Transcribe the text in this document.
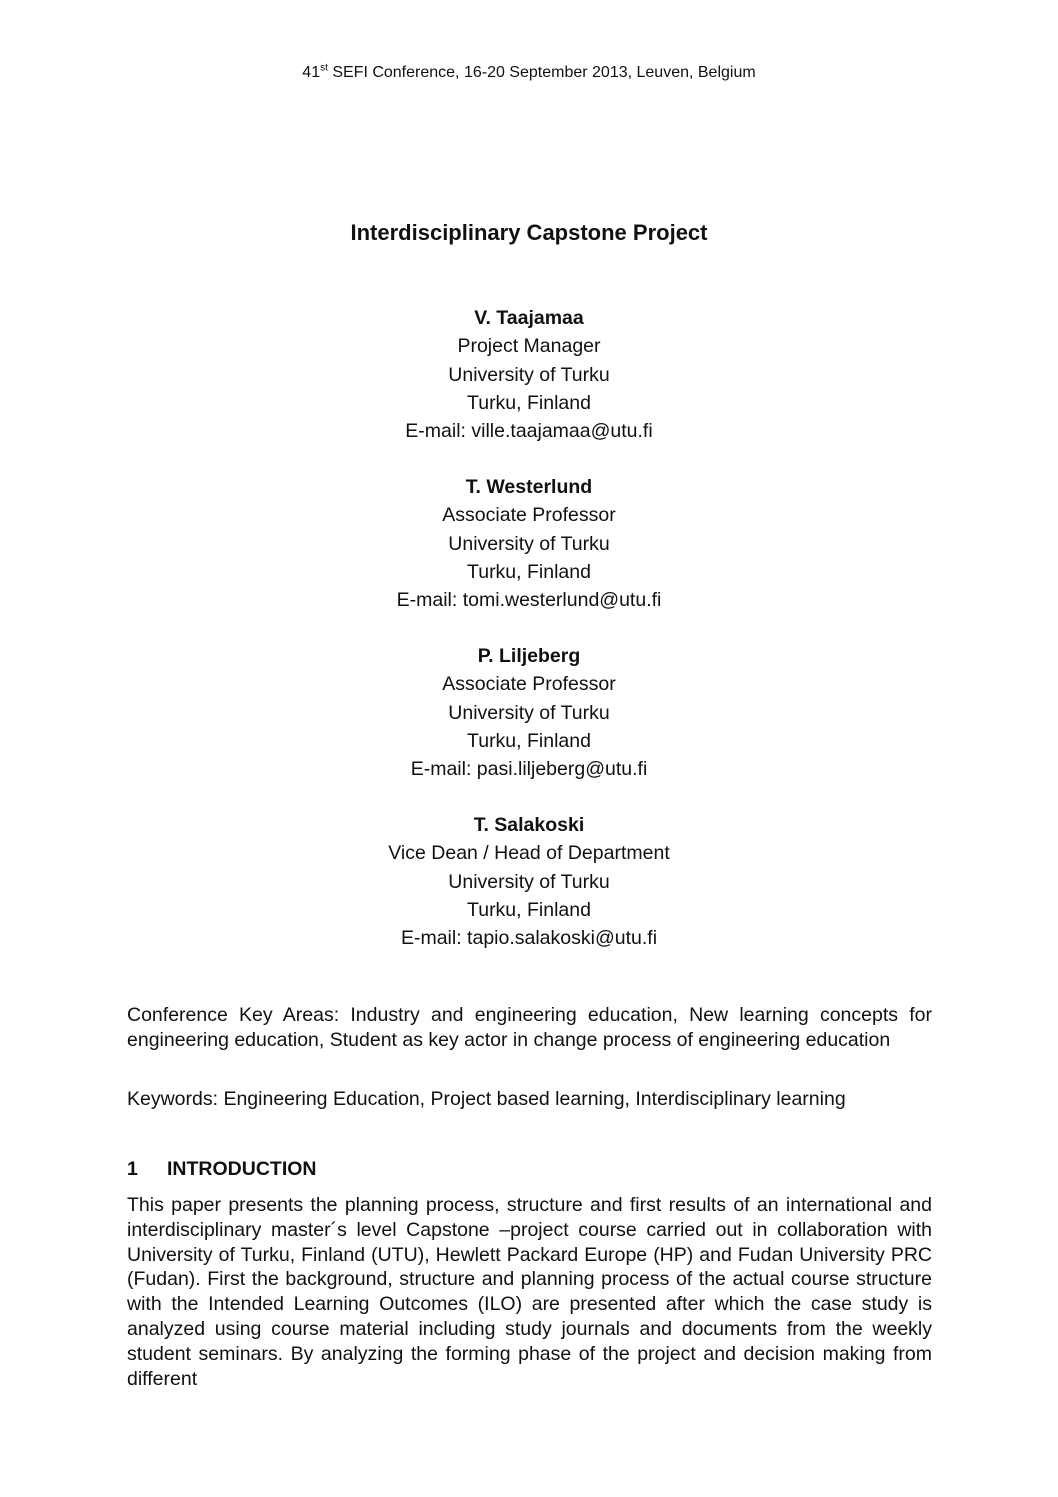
41st SEFI Conference, 16-20 September 2013, Leuven, Belgium
Interdisciplinary Capstone Project
V. Taajamaa
Project Manager
University of Turku
Turku, Finland
E-mail: ville.taajamaa@utu.fi
T. Westerlund
Associate Professor
University of Turku
Turku, Finland
E-mail: tomi.westerlund@utu.fi
P. Liljeberg
Associate Professor
University of Turku
Turku, Finland
E-mail: pasi.liljeberg@utu.fi
T. Salakoski
Vice Dean / Head of Department
University of Turku
Turku, Finland
E-mail: tapio.salakoski@utu.fi
Conference Key Areas: Industry and engineering education, New learning concepts for engineering education, Student as key actor in change process of engineering education
Keywords: Engineering Education, Project based learning, Interdisciplinary learning
1 INTRODUCTION

This paper presents the planning process, structure and first results of an international and interdisciplinary master´s level Capstone –project course carried out in collaboration with University of Turku, Finland (UTU), Hewlett Packard Europe (HP) and Fudan University PRC (Fudan). First the background, structure and planning process of the actual course structure with the Intended Learning Outcomes (ILO) are presented after which the case study is analyzed using course material including study journals and documents from the weekly student seminars. By analyzing the forming phase of the project and decision making from different
